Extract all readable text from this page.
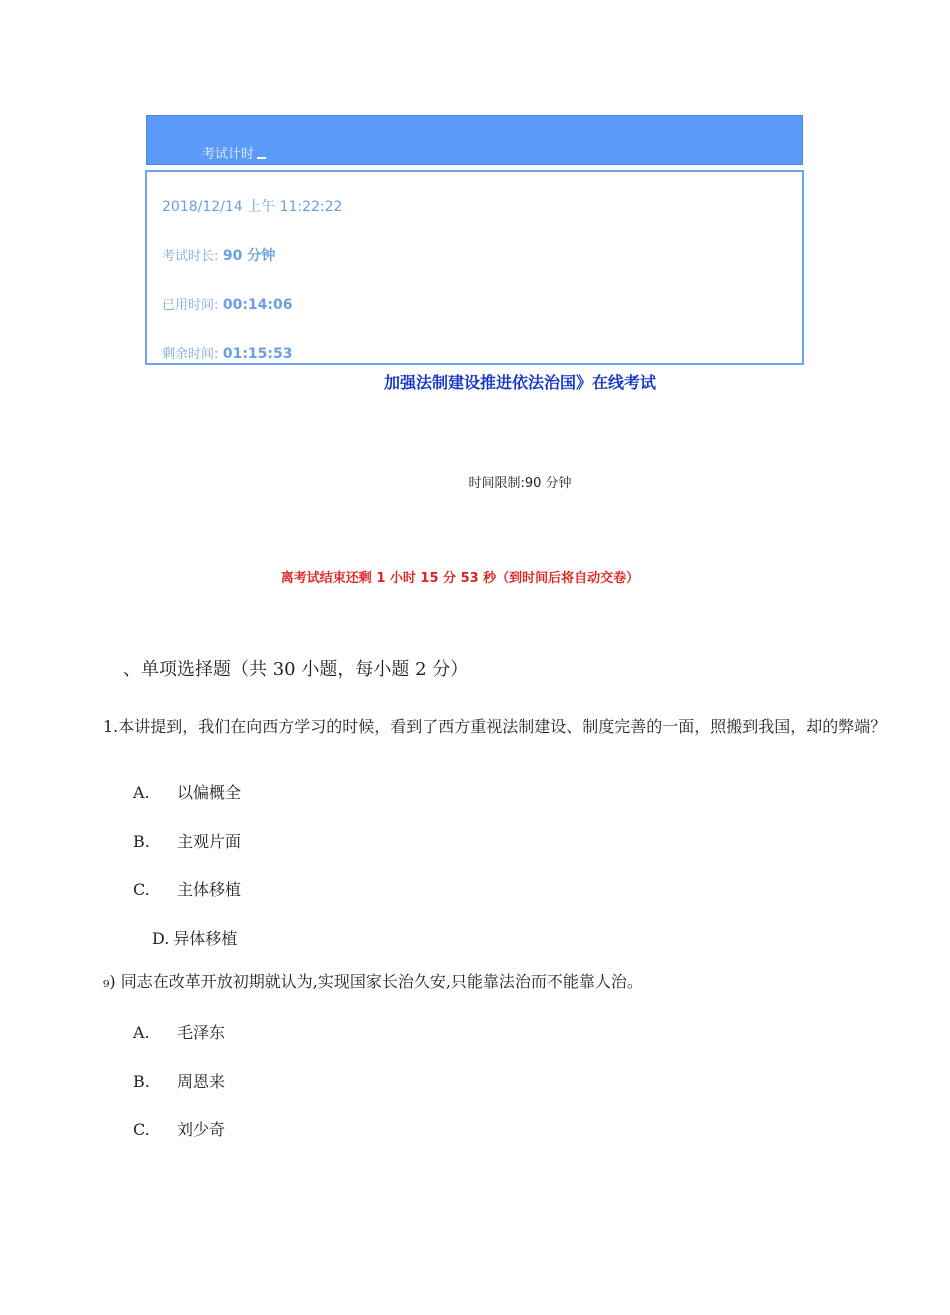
考试计时
2018/12/14 上午 11:22:22
考试时长: 90 分钟
已用时间: 00:14:06
剩余时间: 01:15:53
加强法制建设推进依法治国》在线考试
时间限制:90 分钟
离考试结束还剩 1 小时 15 分 53 秒（到时间后将自动交卷）
、单项选择题（共 30 小题，每小题 2 分）
1.本讲提到，我们在向西方学习的时候，看到了西方重视法制建设、制度完善的一面，照搬到我国，却的弊端？
A. 以偏概全
B. 主观片面
C. 主体移植
D. 异体移植
₉) 同志在改革开放初期就认为,实现国家长治久安,只能靠法治而不能靠人治。
A. 毛泽东
B. 周恩来
C. 刘少奇
